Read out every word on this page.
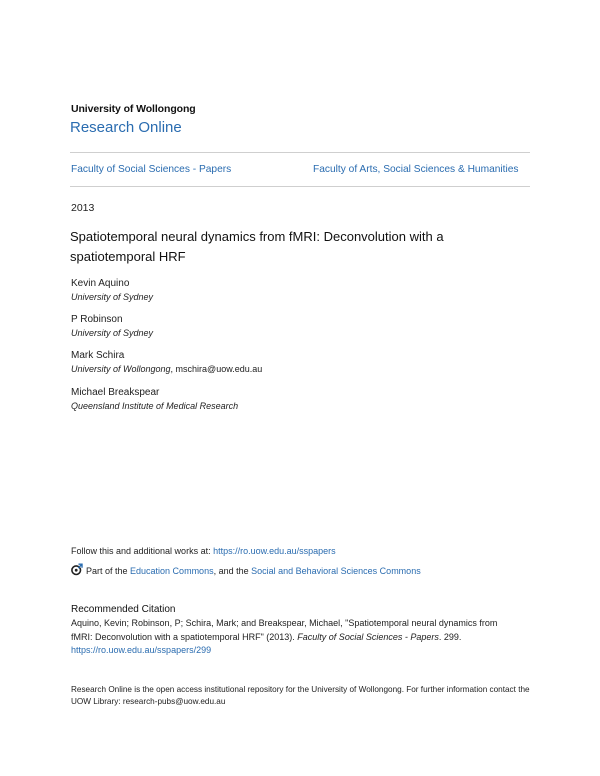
University of Wollongong
Research Online
Faculty of Social Sciences - Papers	Faculty of Arts, Social Sciences & Humanities
2013
Spatiotemporal neural dynamics from fMRI: Deconvolution with a spatiotemporal HRF
Kevin Aquino
University of Sydney
P Robinson
University of Sydney
Mark Schira
University of Wollongong, mschira@uow.edu.au
Michael Breakspear
Queensland Institute of Medical Research
Follow this and additional works at: https://ro.uow.edu.au/sspapers
Part of the Education Commons, and the Social and Behavioral Sciences Commons
Recommended Citation
Aquino, Kevin; Robinson, P; Schira, Mark; and Breakspear, Michael, "Spatiotemporal neural dynamics from fMRI: Deconvolution with a spatiotemporal HRF" (2013). Faculty of Social Sciences - Papers. 299.
https://ro.uow.edu.au/sspapers/299
Research Online is the open access institutional repository for the University of Wollongong. For further information contact the UOW Library: research-pubs@uow.edu.au
